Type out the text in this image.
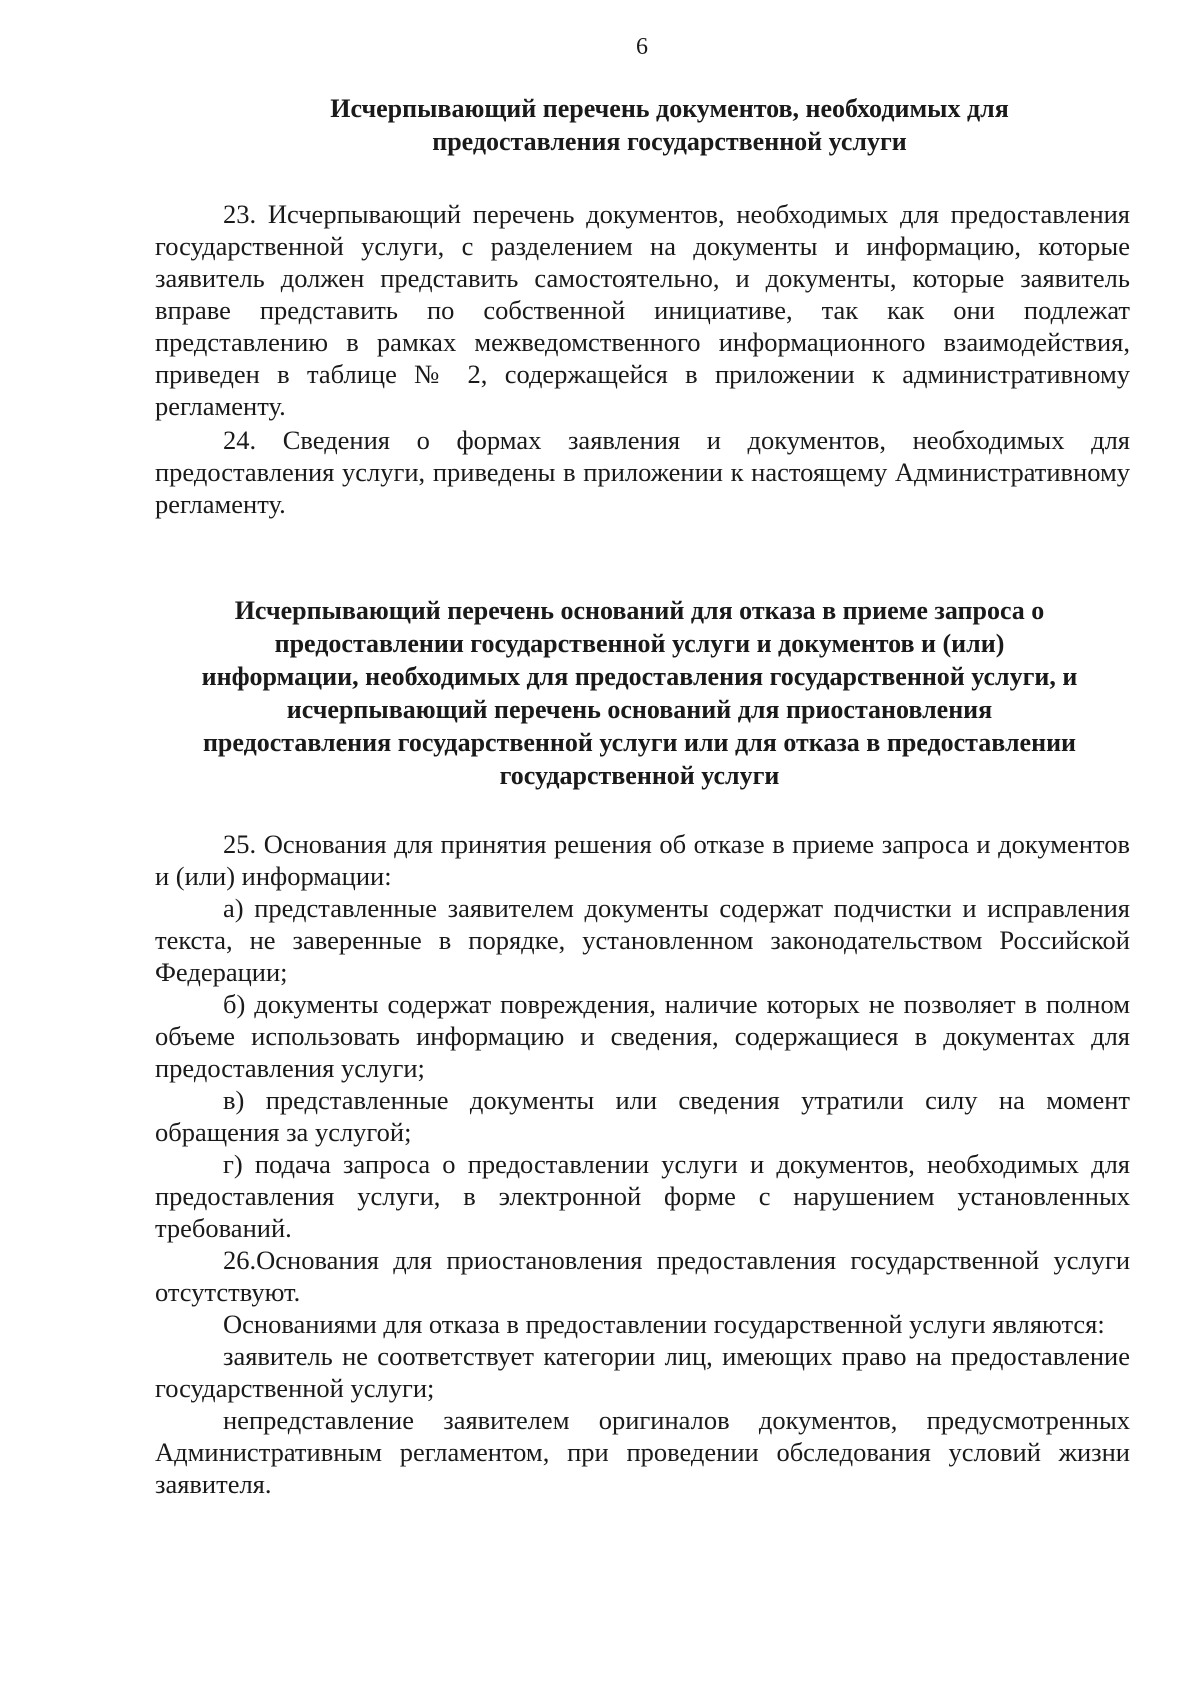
6
Исчерпывающий перечень документов, необходимых для
предоставления государственной услуги

23. Исчерпывающий перечень документов, необходимых для предоставления государственной услуги, с разделением на документы и информацию, которые заявитель должен представить самостоятельно, и документы, которые заявитель вправе представить по собственной инициативе, так как они подлежат представлению в рамках межведомственного информационного взаимодействия, приведен в таблице № 2, содержащейся в приложении к административному регламенту.

24. Сведения о формах заявления и документов, необходимых для предоставления услуги, приведены в приложении к настоящему Административному регламенту.

Исчерпывающий перечень оснований для отказа в приеме запроса о
предоставлении государственной услуги и документов и (или)
информации, необходимых для предоставления государственной услуги, и
исчерпывающий перечень оснований для приостановления
предоставления государственной услуги или для отказа в предоставлении
государственной услуги

25. Основания для принятия решения об отказе в приеме запроса и документов и (или) информации:

а) представленные заявителем документы содержат подчистки и исправления текста, не заверенные в порядке, установленном законодательством Российской Федерации;

б) документы содержат повреждения, наличие которых не позволяет в полном объеме использовать информацию и сведения, содержащиеся в документах для предоставления услуги;

в) представленные документы или сведения утратили силу на момент обращения за услугой;

г) подача запроса о предоставлении услуги и документов, необходимых для предоставления услуги, в электронной форме с нарушением установленных требований.

26.Основания для приостановления предоставления государственной услуги отсутствуют.

Основаниями для отказа в предоставлении государственной услуги являются:

заявитель не соответствует категории лиц, имеющих право на предоставление государственной услуги;

непредставление заявителем оригиналов документов, предусмотренных Административным регламентом, при проведении обследования условий жизни заявителя.
